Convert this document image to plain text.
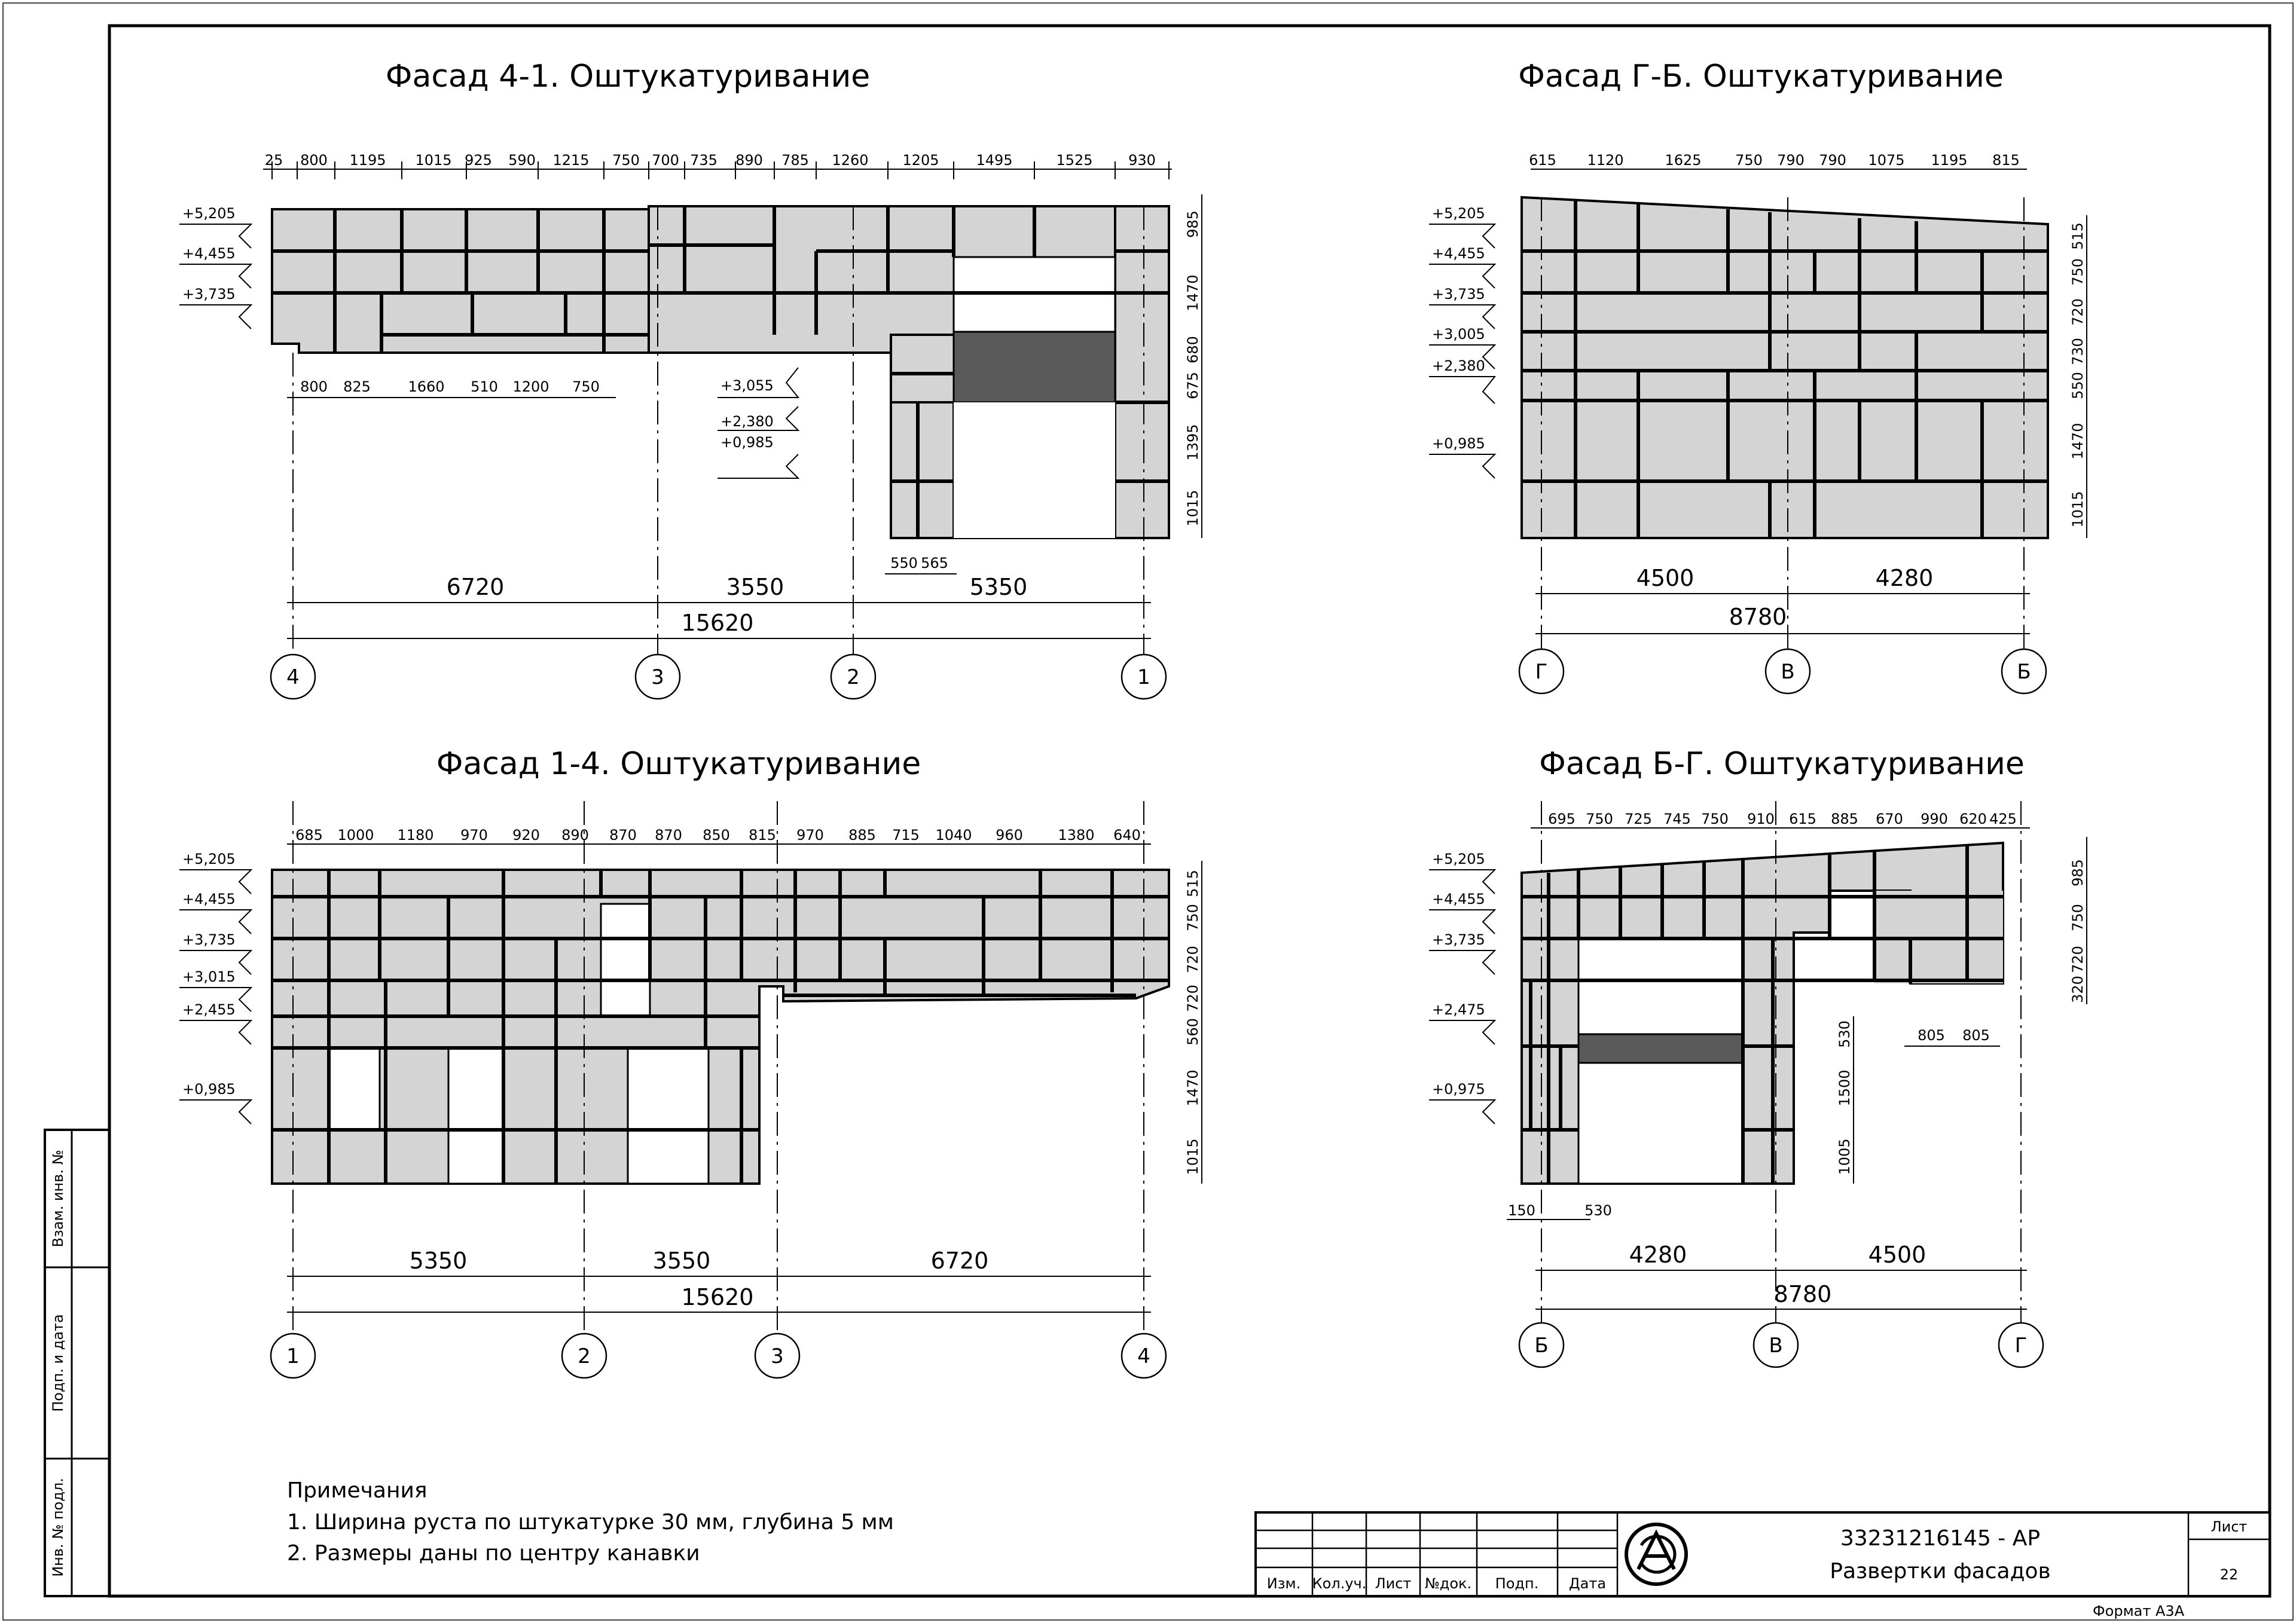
Фасад 4-1. Оштукатуривание
25 800 1195 1015 925 590 1215 750 700 735 890 785 1260 1205	1495	1525 930
800 825	1660 510 1200 750
+5,205
+4,455
+3,735
+3,055
+2,380
+0,985
985
1470
680
675
1395
1015
550 565
6720	3550	5350
15620
4	3	2	1
Фасад Г-Б. Оштукатуривание
615 1120	1625 750 790 790 1075 1195 815
+5,205
+4,455
+3,735
+3,005
+2,380
+0,985
515
750
720
730
550
1470
1015
4500	4280
8780
Г	В	Б
Фасад 1-4. Оштукатуривание
685 1000 1180 970 920 890 870 870 850 815 970 885 715 1040 960 1380 640
+5,205
+4,455
+3,735
+3,015
+2,455
+0,985
515
750
720
720
560
1470
1015
5350	3550	6720
15620
1	2	3	4
Фасад Б-Г. Оштукатуривание
695 750 725 745 750 910 615 885 670 990 620 425
+5,205
+4,455
+3,735
+2,475
+0,975
985
750
720
320
530
1500
1005
805 805
150	530
4280	4500
8780
Б	В	Г
Примечания
1. Ширина руста по штукатурке 30 мм, глубина 5 мм
2. Размеры даны по центру канавки
Взам. инв. №
Подп. и дата
Инв. № подл.
Изм. Кол.уч. Лист №док. Подп. Дата
33231216145 - АР
Развертки фасадов
Лист
22
Формат А3А
